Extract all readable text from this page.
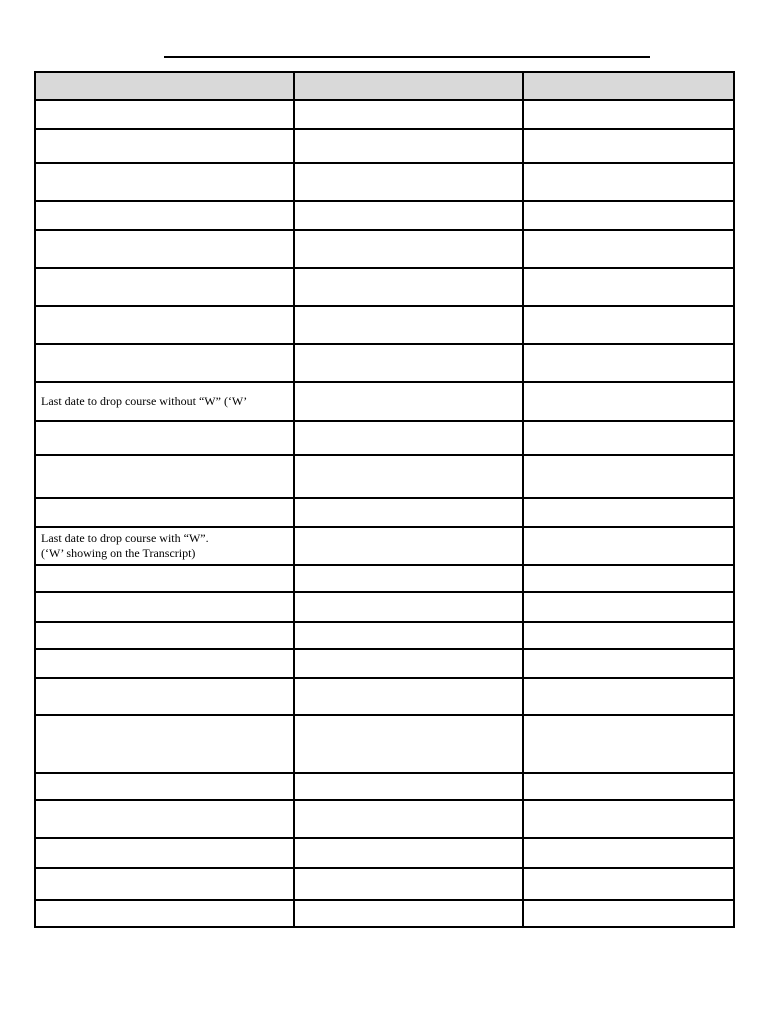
Last date to drop course without “W” (‘W’		

Last date to drop course with “W”.
(‘W’ showing on the Transcript)		
